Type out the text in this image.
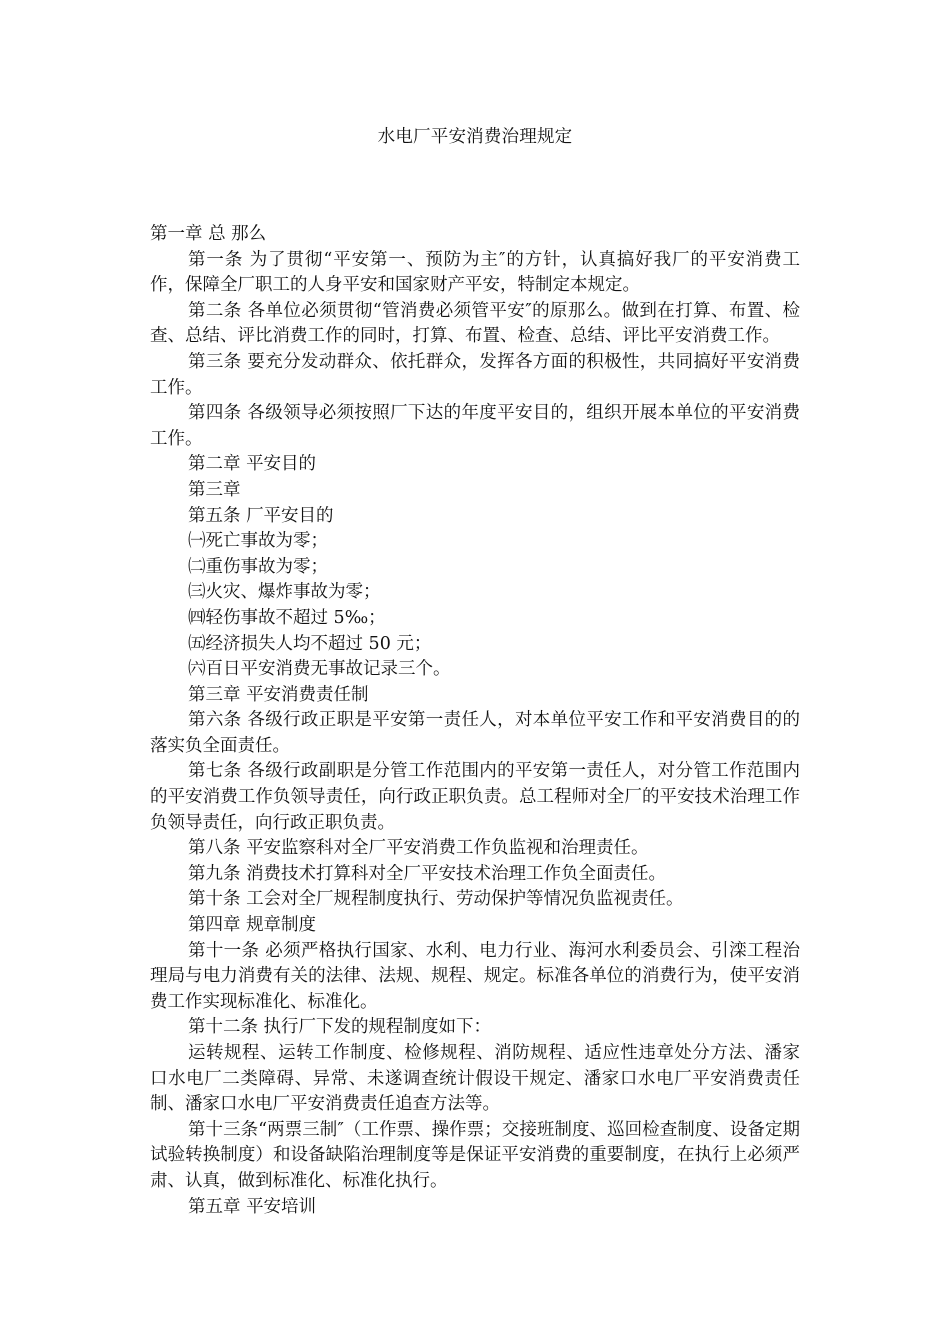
水电厂平安消费治理规定

第一章 总 那么

第一条 为了贯彻“平安第一、预防为主″的方针，认真搞好我厂的平安消费工作，保障全厂职工的人身平安和国家财产平安，特制定本规定。

第二条 各单位必须贯彻“管消费必须管平安″的原那么。做到在打算、布置、检查、总结、评比消费工作的同时，打算、布置、检查、总结、评比平安消费工作。

第三条 要充分发动群众、依托群众，发挥各方面的积极性，共同搞好平安消费工作。

第四条 各级领导必须按照厂下达的年度平安目的，组织开展本单位的平安消费工作。

第二章 平安目的

第三章

第五条 厂平安目的

㈠死亡事故为零；

㈡重伤事故为零；

㈢火灾、爆炸事故为零；

㈣轻伤事故不超过 5‰；

㈤经济损失人均不超过 50 元；

㈥百日平安消费无事故记录三个。

第三章 平安消费责任制

第六条 各级行政正职是平安第一责任人，对本单位平安工作和平安消费目的的落实负全面责任。

第七条 各级行政副职是分管工作范围内的平安第一责任人，对分管工作范围内的平安消费工作负领导责任，向行政正职负责。总工程师对全厂的平安技术治理工作负领导责任，向行政正职负责。

第八条 平安监察科对全厂平安消费工作负监视和治理责任。

第九条 消费技术打算科对全厂平安技术治理工作负全面责任。

第十条 工会对全厂规程制度执行、劳动保护等情况负监视责任。

第四章 规章制度

第十一条 必须严格执行国家、水利、电力行业、海河水利委员会、引滦工程治理局与电力消费有关的法律、法规、规程、规定。标准各单位的消费行为，使平安消费工作实现标准化、标准化。

第十二条 执行厂下发的规程制度如下：

运转规程、运转工作制度、检修规程、消防规程、适应性违章处分方法、潘家口水电厂二类障碍、异常、未遂调查统计假设干规定、潘家口水电厂平安消费责任制、潘家口水电厂平安消费责任追查方法等。

第十三条“两票三制″（工作票、操作票；交接班制度、巡回检查制度、设备定期试验转换制度）和设备缺陷治理制度等是保证平安消费的重要制度，在执行上必须严肃、认真，做到标准化、标准化执行。

第五章 平安培训
